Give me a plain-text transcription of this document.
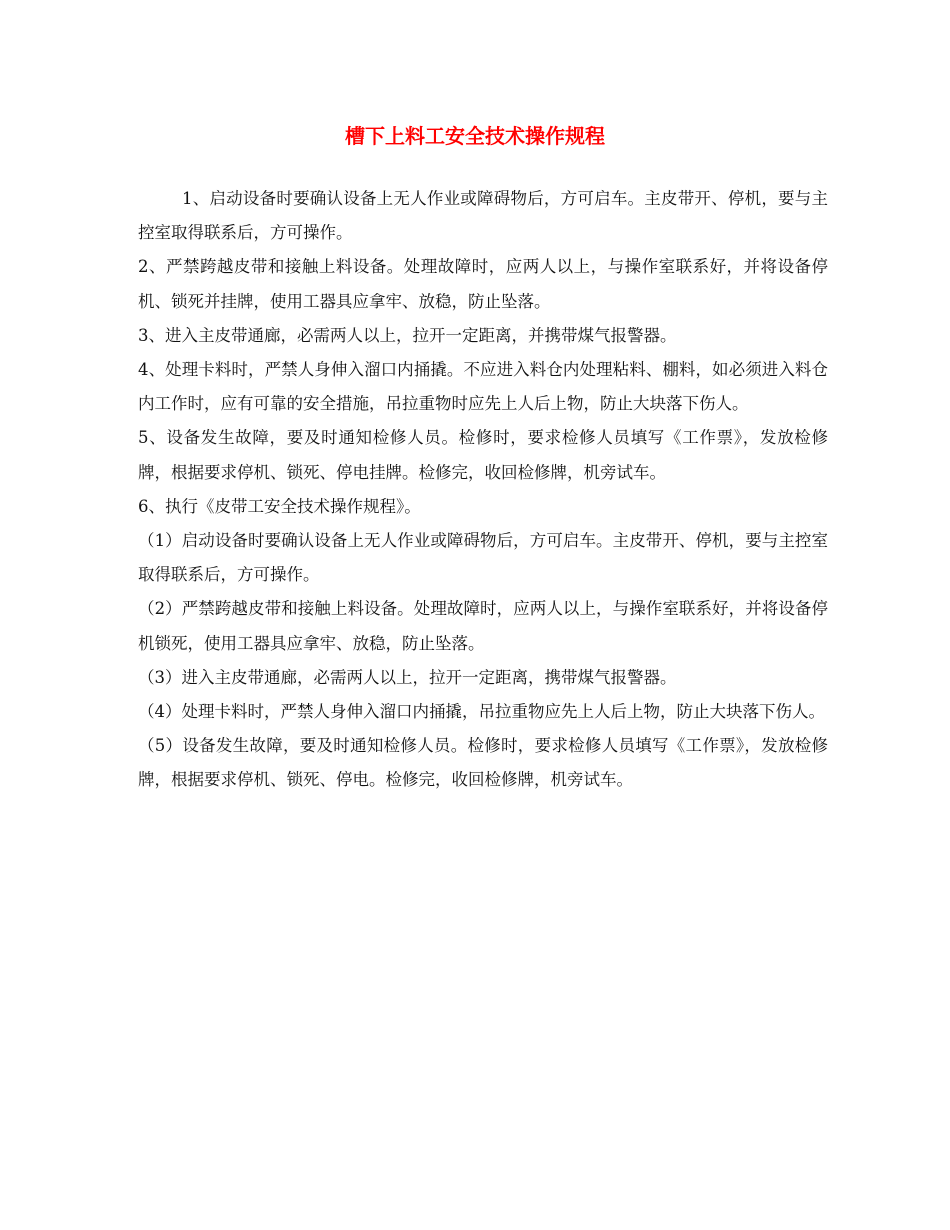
槽下上料工安全技术操作规程

1、启动设备时要确认设备上无人作业或障碍物后，方可启车。主皮带开、停机，要与主控室取得联系后，方可操作。

2、严禁跨越皮带和接触上料设备。处理故障时，应两人以上，与操作室联系好，并将设备停机、锁死并挂牌，使用工器具应拿牢、放稳，防止坠落。

3、进入主皮带通廊，必需两人以上，拉开一定距离，并携带煤气报警器。

4、处理卡料时，严禁人身伸入溜口内捅撬。不应进入料仓内处理粘料、棚料，如必须进入料仓内工作时，应有可靠的安全措施，吊拉重物时应先上人后上物，防止大块落下伤人。

5、设备发生故障，要及时通知检修人员。检修时，要求检修人员填写《工作票》，发放检修牌，根据要求停机、锁死、停电挂牌。检修完，收回检修牌，机旁试车。

6、执行《皮带工安全技术操作规程》。

（1）启动设备时要确认设备上无人作业或障碍物后，方可启车。主皮带开、停机，要与主控室取得联系后，方可操作。

（2）严禁跨越皮带和接触上料设备。处理故障时，应两人以上，与操作室联系好，并将设备停机锁死，使用工器具应拿牢、放稳，防止坠落。

（3）进入主皮带通廊，必需两人以上，拉开一定距离，携带煤气报警器。

（4）处理卡料时，严禁人身伸入溜口内捅撬，吊拉重物应先上人后上物，防止大块落下伤人。

（5）设备发生故障，要及时通知检修人员。检修时，要求检修人员填写《工作票》，发放检修牌，根据要求停机、锁死、停电。检修完，收回检修牌，机旁试车。
